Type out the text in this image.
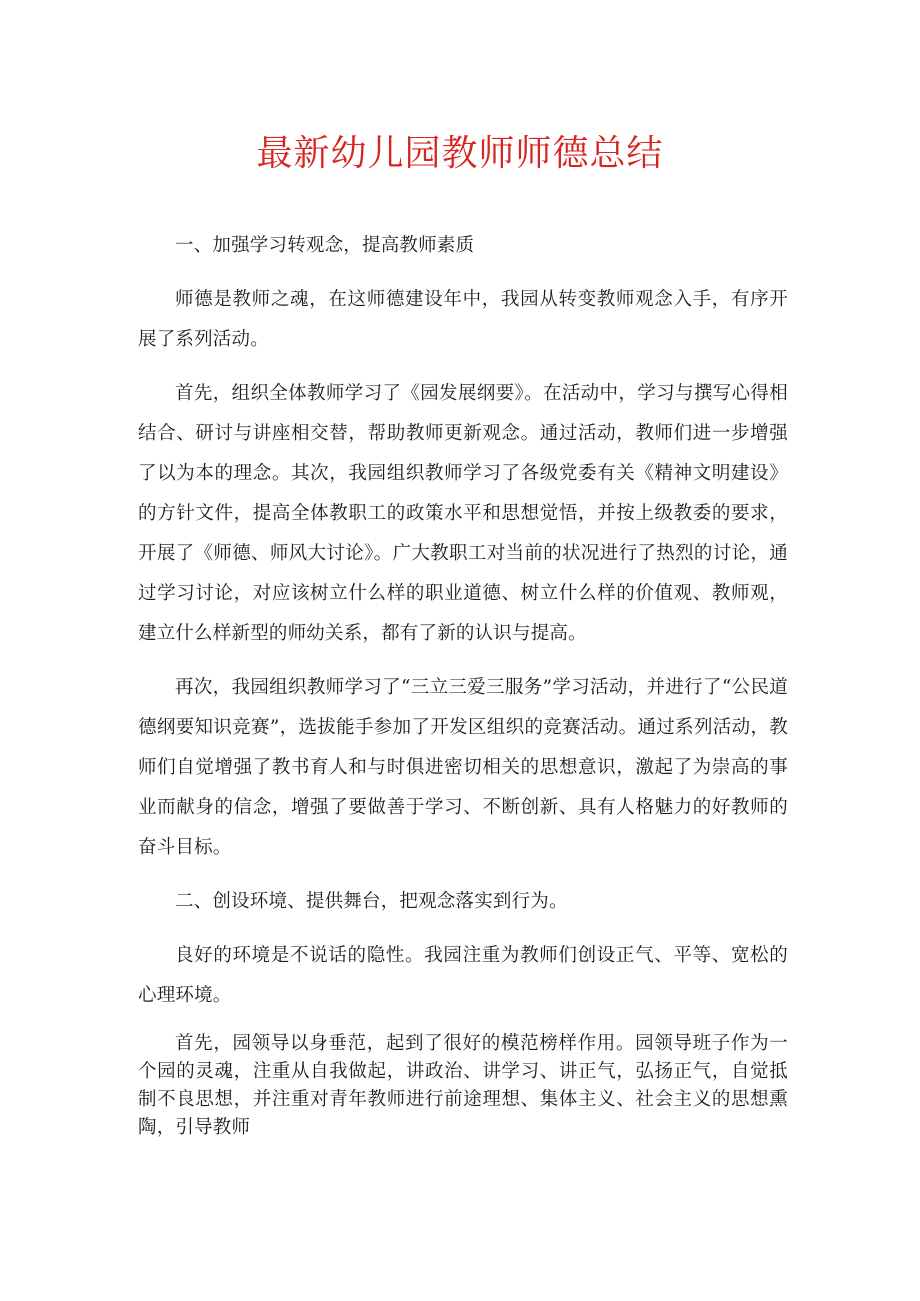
最新幼儿园教师师德总结

一、加强学习转观念，提高教师素质

师德是教师之魂，在这师德建设年中，我园从转变教师观念入手，有序开展了系列活动。

首先，组织全体教师学习了《园发展纲要》。在活动中，学习与撰写心得相结合、研讨与讲座相交替，帮助教师更新观念。通过活动，教师们进一步增强了以为本的理念。其次，我园组织教师学习了各级党委有关《精神文明建设》的方针文件，提高全体教职工的政策水平和思想觉悟，并按上级教委的要求，开展了《师德、师风大讨论》。广大教职工对当前的状况进行了热烈的讨论，通过学习讨论，对应该树立什么样的职业道德、树立什么样的价值观、教师观，建立什么样新型的师幼关系，都有了新的认识与提高。

再次，我园组织教师学习了“三立三爱三服务”学习活动，并进行了“公民道德纲要知识竞赛”，选拔能手参加了开发区组织的竞赛活动。通过系列活动，教师们自觉增强了教书育人和与时俱进密切相关的思想意识，激起了为崇高的事业而献身的信念，增强了要做善于学习、不断创新、具有人格魅力的好教师的奋斗目标。

二、创设环境、提供舞台，把观念落实到行为。

良好的环境是不说话的隐性。我园注重为教师们创设正气、平等、宽松的心理环境。

首先，园领导以身垂范，起到了很好的模范榜样作用。园领导班子作为一个园的灵魂，注重从自我做起，讲政治、讲学习、讲正气，弘扬正气，自觉抵制不良思想，并注重对青年教师进行前途理想、集体主义、社会主义的思想熏陶，引导教师
